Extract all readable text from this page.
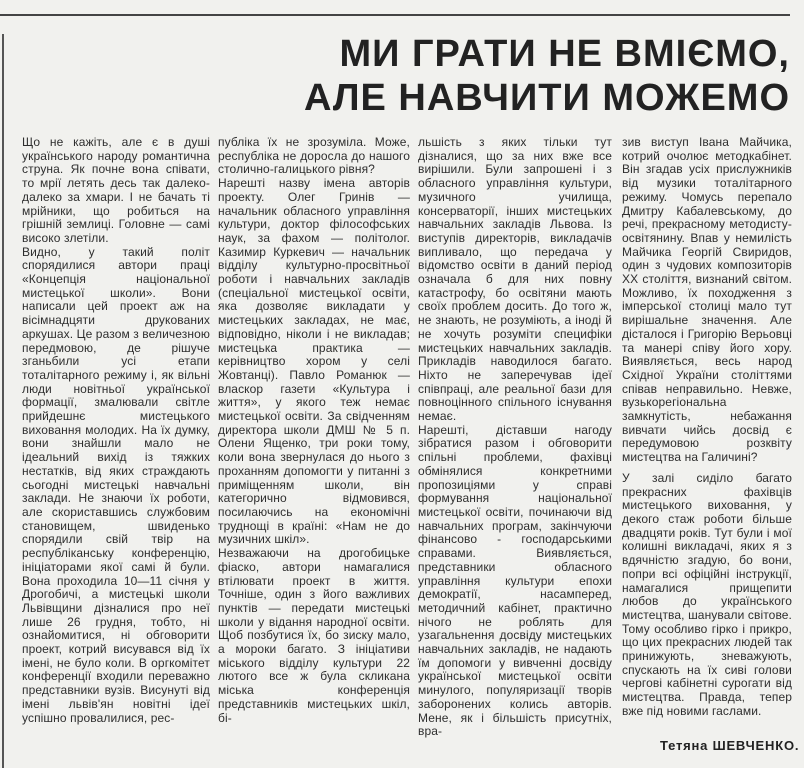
МИ ГРАТИ НЕ ВМІЄМО,
АЛЕ НАВЧИТИ МОЖЕМО

Що не кажіть, але є в душі українського народу романтична струна. Як почне вона співати, то мрії летять десь так далеко-далеко за хмари. І не бачать ті мрійники, що робиться на грішній землиці. Головне — самі високо злетіли.

Видно, у такий політ спорядилися автори праці «Концепція національної мистецької школи». Вони написали цей проект аж на вісімнадцяти друкованих аркушах. Це разом з величезною передмовою, де рішуче зганьбили усі етапи тоталітарного режиму і, як вільні люди новітньої української формації, змалювали світле прийдешнє мистецького виховання молодих. На їх думку, вони знайшли мало не ідеальний вихід із тяжких нестатків, від яких страждають сьогодні мистецькі навчальні заклади. Не знаючи їх роботи, але скориставшись службовим становищем, швиденько спорядили свій твір на республіканську конференцію, ініціаторами якої самі й були. Вона проходила 10—11 січня у Дрогобичі, а мистецькі школи Львівщини дізналися про неї лише 26 грудня, тобто, ні ознайомитися, ні обговорити проект, котрий висувався від їх імені, не було коли. В оргкомітет конференції входили переважно представники вузів. Висунуті від імені львів'ян новітні ідеї успішно провалилися, рес-

публіка їх не зрозуміла. Може, республіка не доросла до нашого столично-галицького рівня?

Нарешті назву імена авторів проекту. Олег Гринів — начальник обласного управління культури, доктор філософських наук, за фахом — політолог. Казимир Куркевич — начальник відділу культурно-просвітньої роботи і навчальних закладів (спеціальної мистецької освіти, яка дозволяє викладати у мистецьких закладах, не має, відповідно, ніколи і не викладав; мистецька практика — керівництво хором у селі Жовтанці). Павло Романюк — власкор газети «Культура і життя», у якого теж немає мистецької освіти. За свідченням директора школи ДМШ № 5 п. Олени Ященко, три роки тому, коли вона звернулася до нього з проханням допомогти у питанні з приміщенням школи, він категорично відмовився, посилаючись на економічні труднощі в країні: «Нам не до музичних шкіл».

Незважаючи на дрогобицьке фіаско, автори намагалися втілювати проект в життя. Точніше, один з його важливих пунктів — передати мистецькі школи у відання народної освіти. Щоб позбутися їх, бо зиску мало, а мороки багато. З ініціативи міського відділу культури 22 лютого все ж була скликана міська конференція представників мистецьких шкіл, бі-

льшість з яких тільки тут дізналися, що за них вже все вирішили. Були запрошені і з обласного управління культури, музичного училища, консерваторії, інших мистецьких навчальних закладів Львова. Із виступів директорів, викладачів випливало, що передача у відомство освіти в даний період означала б для них повну катастрофу, бо освітяни мають своїх проблем досить. До того ж, не знають, не розуміють, а іноді й не хочуть розуміти специфіки мистецьких навчальних закладів. Прикладів наводилося багато. Ніхто не заперечував ідеї співпраці, але реальної бази для повноцінного спільного існування немає.

Нарешті, діставши нагоду зібратися разом і обговорити спільні проблеми, фахівці обмінялися конкретними пропозиціями у справі формування національної мистецької освіти, починаючи від навчальних програм, закінчуючи фінансово - господарськими справами. Виявляється, представники обласного управління культури епохи демократії, насамперед, методичний кабінет, практично нічого не роблять для узагальнення досвіду мистецьких навчальних закладів, не надають їм допомоги у вивченні досвіду української мистецької освіти минулого, популяризації творів заборонених колись авторів. Мене, як і більшість присутніх, вра-

зив виступ Івана Майчика, котрий очолює методкабінет. Він згадав усіх прислужників від музики тоталітарного режиму. Чомусь перепало Дмитру Кабалевському, до речі, прекрасному методисту-освітянину. Впав у немилість Майчика Георгій Свиридов, один з чудових композиторів XX століття, визнаний світом. Можливо, їх походження з імперської столиці мало тут вирішальне значення. Але дісталося і Григорію Верьовці та манері співу його хору. Виявляється, весь народ Східної України століттями співав неправильно. Невже, вузькорегіональна замкнутість, небажання вивчати чийсь досвід є передумовою розквіту мистецтва на Галичині?

У залі сиділо багато прекрасних фахівців мистецького виховання, у декого стаж роботи більше двадцяти років. Тут були і мої колишні викладачі, яких я з вдячністю згадую, бо вони, попри всі офіційні інструкції, намагалися прищепити любов до українського мистецтва, шанували світове. Тому особливо гірко і прикро, що цих прекрасних людей так принижують, зневажують, спускають на їх сиві голови чергові кабінетні сурогати від мистецтва. Правда, тепер вже під новими гаслами.

Тетяна ШЕВЧЕНКО.
